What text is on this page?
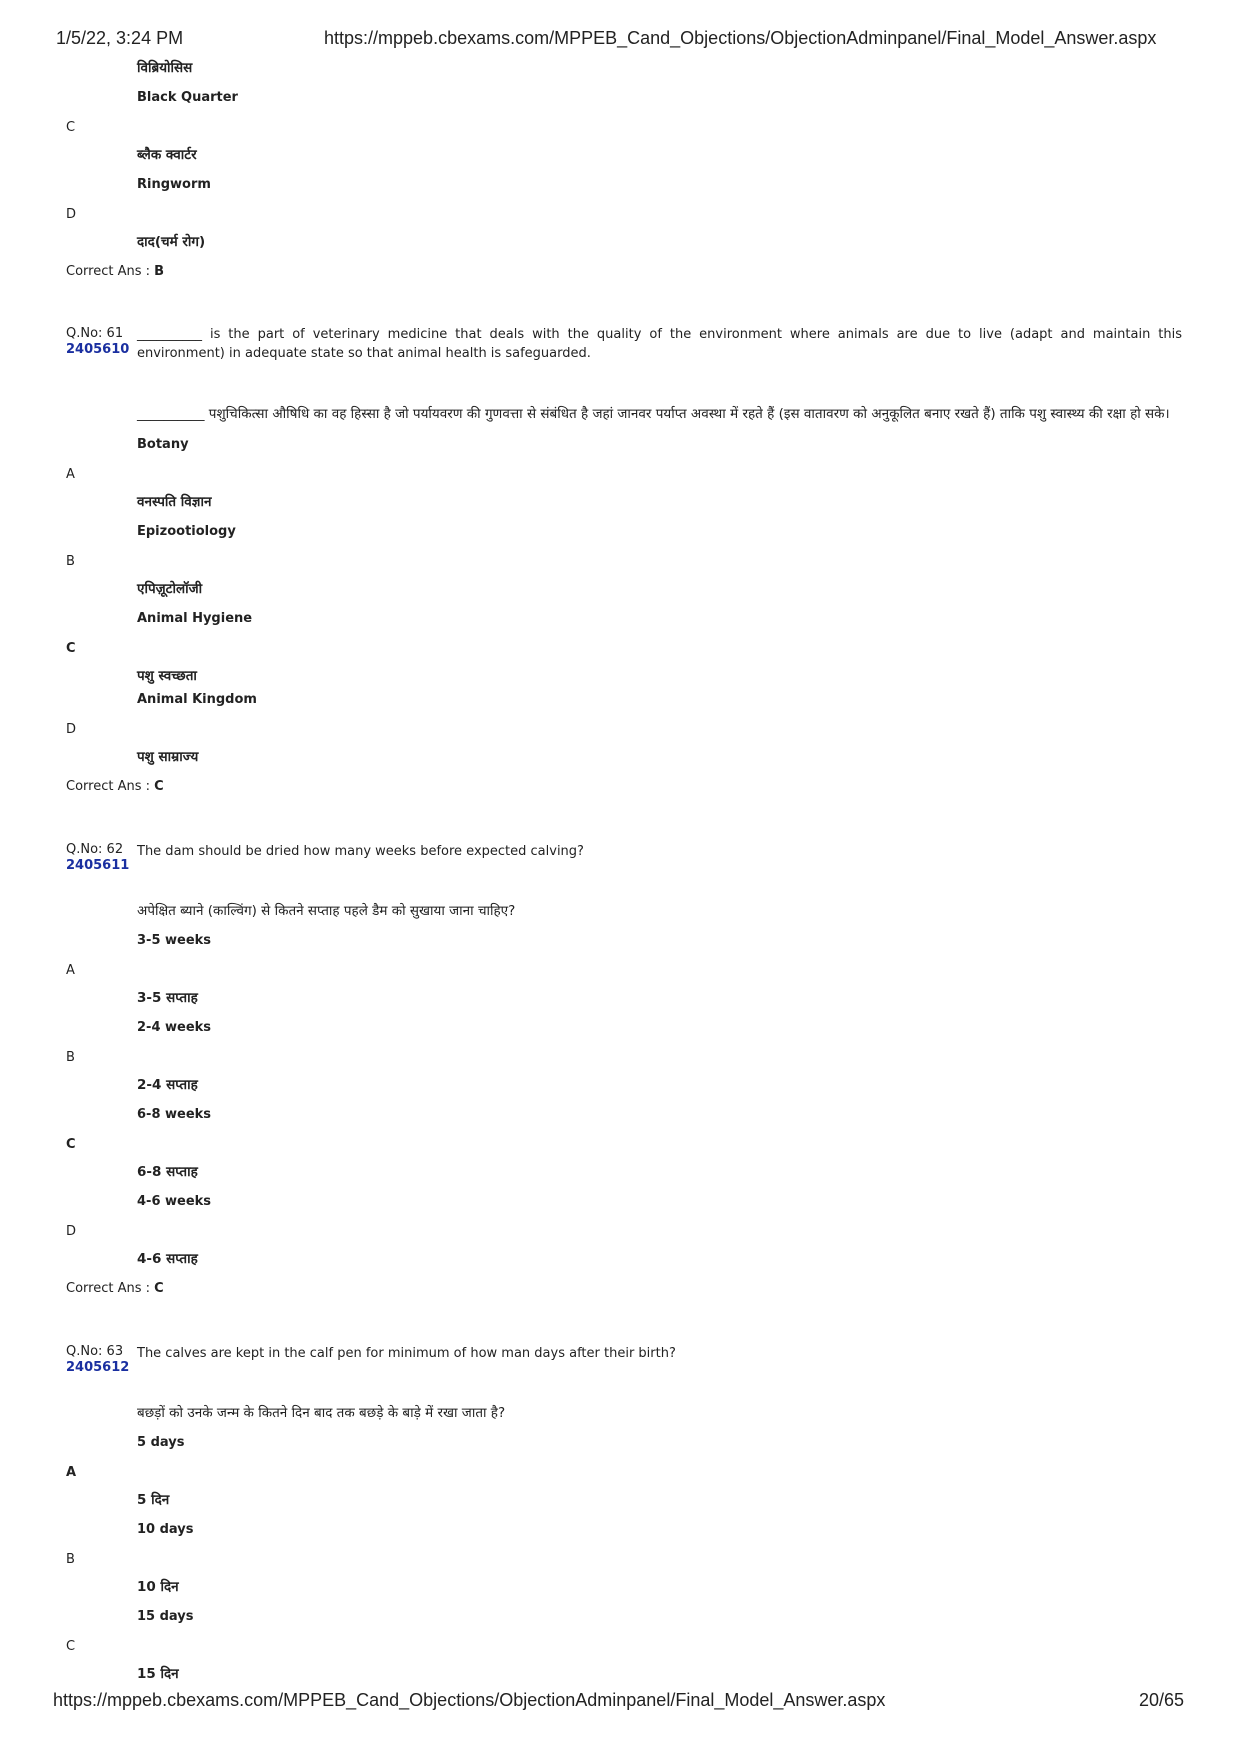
1/5/22, 3:24 PM	https://mppeb.cbexams.com/MPPEB_Cand_Objections/ObjectionAdminpanel/Final_Model_Answer.aspx
विब्रियोसिस
Black Quarter
C
ब्लैक क्वार्टर
Ringworm
D
दाद(चर्म रोग)
Correct Ans : B
Q.No: 61
2405610
__________ is the part of veterinary medicine that deals with the quality of the environment where animals are due to live (adapt and maintain this environment) in adequate state so that animal health is safeguarded.
__________ पशुचिकित्सा औषिधि का वह हिस्सा है जो पर्यायवरण की गुणवत्ता से संबंधित है जहां जानवर पर्याप्त अवस्था में रहते हैं (इस वातावरण को अनुकूलित बनाए रखते हैं) ताकि पशु स्वास्थ्य की रक्षा हो सके।
Botany
A
वनस्पति विज्ञान
Epizootiology
B
एपिज़ूटोलॉजी
Animal Hygiene
C
पशु स्वच्छता
Animal Kingdom
D
पशु साम्राज्य
Correct Ans : C
Q.No: 62
2405611
The dam should be dried how many weeks before expected calving?
अपेक्षित ब्याने (काल्विंग) से कितने सप्ताह पहले डैम को सुखाया जाना चाहिए?
3-5 weeks
A
3-5 सप्ताह
2-4 weeks
B
2-4 सप्ताह
6-8 weeks
C
6-8 सप्ताह
4-6 weeks
D
4-6 सप्ताह
Correct Ans : C
Q.No: 63
2405612
The calves are kept in the calf pen for minimum of how man days after their birth?
बछड़ों को उनके जन्म के कितने दिन बाद तक बछड़े के बाड़े में रखा जाता है?
5 days
A
5 दिन
10 days
B
10 दिन
15 days
C
15 दिन
https://mppeb.cbexams.com/MPPEB_Cand_Objections/ObjectionAdminpanel/Final_Model_Answer.aspx	20/65
